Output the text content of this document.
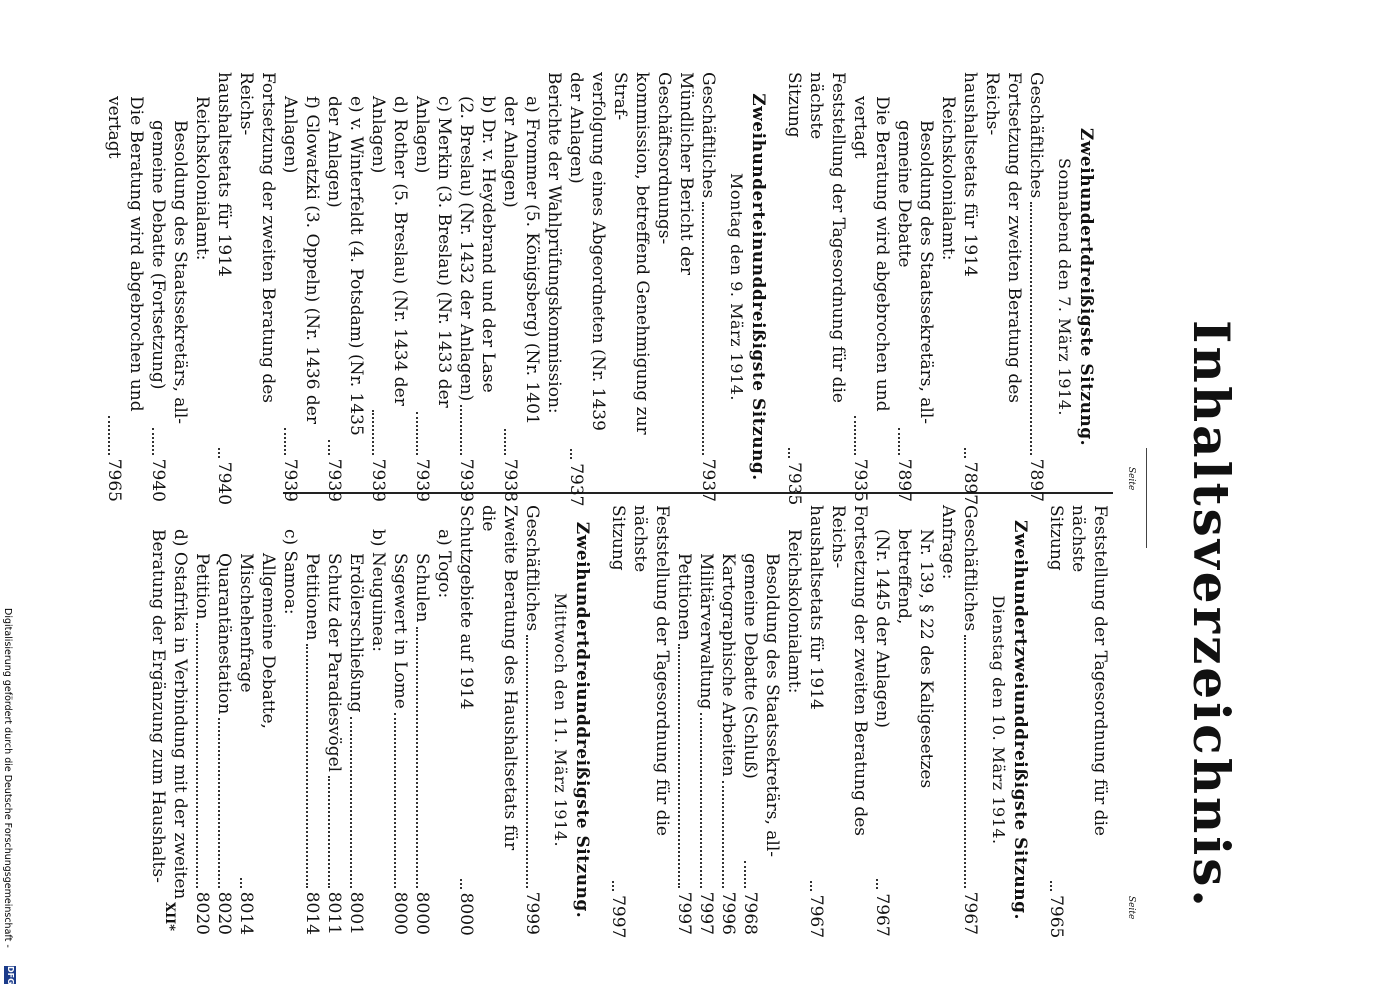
Inhaltsverzeichnis.
Seite
Seite
Zweihundertdreißigste Sitzung.
Sonnabend den 7. März 1914.
Geschäftliches
7897
Fortsetzung der zweiten Beratung des Reichs-
haushaltsetats für 1914
7897
Reichskolonialamt:
Besoldung des Staatssekretärs, all-
gemeine Debatte
7897
Die Beratung wird abgebrochen und
vertagt
7935
Feststellung der Tagesordnung für die nächste
Sitzung
7935
Zweihunderteinunddreißigste Sitzung.
Montag den 9. März 1914.
Geschäftliches
7937
Mündlicher Bericht der Geschäftsordnungs-
kommission, betreffend Genehmigung zur Straf-
verfolgung eines Abgeordneten (Nr. 1439
der Anlagen)
7937
Berichte der Wahlprüfungskommission:
a) Frommer (5. Königsberg) (Nr. 1401
der Anlagen)
7938
b) Dr. v. Heydebrand und der Lase
(2. Breslau) (Nr. 1432 der Anlagen)
7939
c) Merkin (3. Breslau) (Nr. 1433 der
Anlagen)
7939
d) Rother (5. Breslau) (Nr. 1434 der
Anlagen)
7939
e) v. Winterfeldt (4. Potsdam) (Nr. 1435
der Anlagen)
7939
f) Glowatzki (3. Oppeln) (Nr. 1436 der
Anlagen)
7939
Fortsetzung der zweiten Beratung des Reichs-
haushaltsetats für 1914
7940
Reichskolonialamt:
Besoldung des Staatssekretärs, all-
gemeine Debatte (Fortsetzung)
7940
Die Beratung wird abgebrochen und
vertagt
7965
Feststellung der Tagesordnung für die nächste
Sitzung
7965
Zweihundertzweiunddreißigste Sitzung.
Dienstag den 10. März 1914.
Geschäftliches
7967
Anfrage:
Nr. 139, § 22 des Kaligesetzes betreffend,
(Nr. 1445 der Anlagen)
7967
Fortsetzung der zweiten Beratung des Reichs-
haushaltsetats für 1914
7967
Reichskolonialamt:
Besoldung des Staatssekretärs, all-
gemeine Debatte (Schluß)
7968
Kartographische Arbeiten
7996
Militärverwaltung
7997
Petitionen
7997
Feststellung der Tagesordnung für die nächste
Sitzung
7997
Zweihundertdreiunddreißigste Sitzung.
Mittwoch den 11. März 1914.
Geschäftliches
7999
Zweite Beratung des Haushaltsetats für die
Schutzgebiete auf 1914
8000
a) Togo:
Schulen
8000
Ssgewert in Lome
8000
b) Neuguinea:
Erdölerschließung
8001
Schutz der Paradiesvögel
8011
Petitionen
8014
c) Samoa:
Allgemeine Debatte, Mischehenfrage
8014
Quarantänestation
8020
Petition
8020
d) Ostafrika in Verbindung mit der zweiten
Beratung der Ergänzung zum Haushalts-
XII*
Digitalisierung gefördert durch die Deutsche Forschungsgemeinschaft -
DFG
